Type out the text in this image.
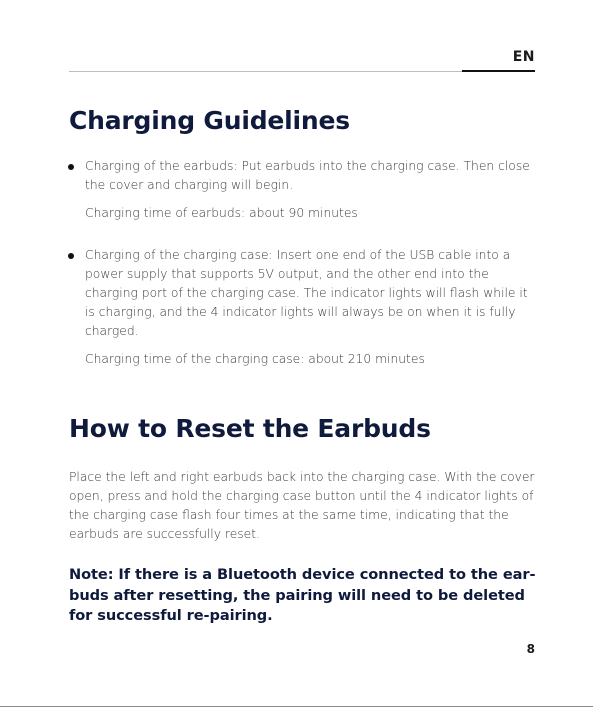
EN
Charging Guidelines

Charging of the earbuds: Put earbuds into the charging case. Then close the cover and charging will begin.

Charging time of earbuds: about 90 minutes

Charging of the charging case: Insert one end of the USB cable into a power supply that supports 5V output, and the other end into the charging port of the charging case. The indicator lights will flash while it is charging, and the 4 indicator lights will always be on when it is fully charged.

Charging time of the charging case: about 210 minutes

How to Reset the Earbuds

Place the left and right earbuds back into the charging case. With the cover open, press and hold the charging case button until the 4 indicator lights of the charging case flash four times at the same time, indicating that the earbuds are successfully reset.

Note: If there is a Bluetooth device connected to the ear-buds after resetting, the pairing will need to be deleted for successful re-pairing.

8
